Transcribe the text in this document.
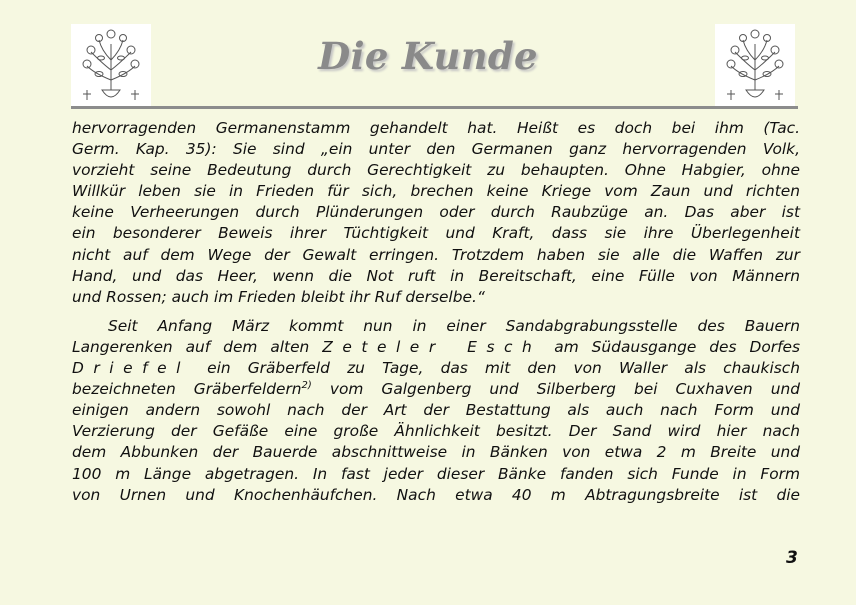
Die Kunde
hervorragenden Germanenstamm gehandelt hat. Heißt es doch bei ihm (Tac.
Germ. Kap. 35): Sie sind „ein unter den Germanen ganz hervorragenden Volk,
vorzieht seine Bedeutung durch Gerechtigkeit zu behaupten. Ohne Habgier, ohne
Willkür leben sie in Frieden für sich, brechen keine Kriege vom Zaun und richten
keine Verheerungen durch Plünderungen oder durch Raubzüge an. Das aber ist
ein besonderer Beweis ihrer Tüchtigkeit und Kraft, dass sie ihre Überlegenheit
nicht auf dem Wege der Gewalt erringen. Trotzdem haben sie alle die Waffen zur
Hand, und das Heer, wenn die Not ruft in Bereitschaft, eine Fülle von Männern
und Rossen; auch im Frieden bleibt ihr Ruf derselbe.“
Seit Anfang März kommt nun in einer Sandabgrabungsstelle des Bauern
Langerenken auf dem alten Zeteler Esch am Südausgange des Dorfes
Driefel ein Gräberfeld zu Tage, das mit den von Waller als chaukisch
bezeichneten Gräberfeldern$^{2)}$ vom Galgenberg und Silberberg bei Cuxhaven und
einigen andern sowohl nach der Art der Bestattung als auch nach Form und
Verzierung der Gefäße eine große Ähnlichkeit besitzt. Der Sand wird hier nach
dem Abbunken der Bauerde abschnittweise in Bänken von etwa 2 m Breite und
100 m Länge abgetragen. In fast jeder dieser Bänke fanden sich Funde in Form
von Urnen und Knochenhäufchen. Nach etwa 40 m Abtragungsbreite ist die
3
